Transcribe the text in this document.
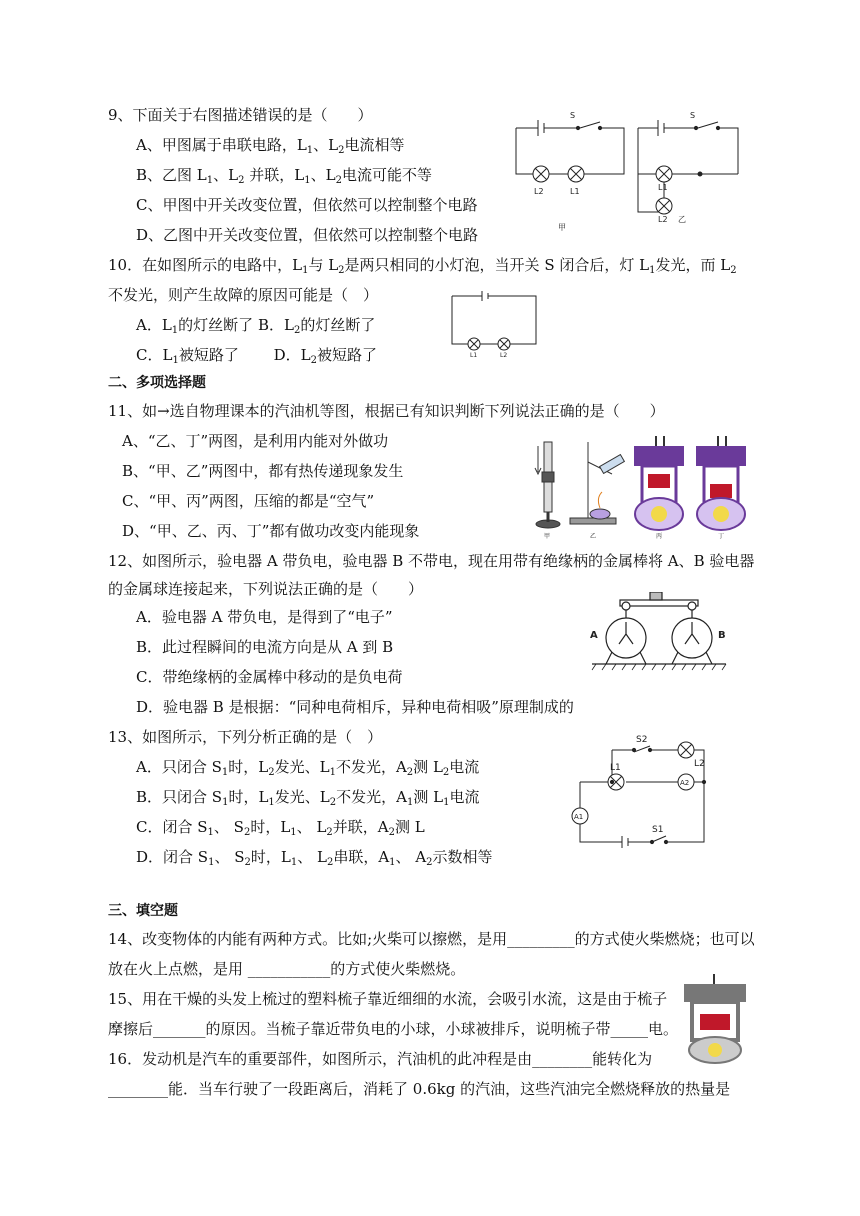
9、下面关于右图描述错误的是（　　）
A、甲图属于串联电路，$L_1$、$L_2$电流相等
B、乙图 $L_1$、$L_2$ 并联，$L_1$、$L_2$电流可能不等
C、甲图中开关改变位置，但依然可以控制整个电路
D、乙图中开关改变位置，但依然可以控制整个电路
S	S
L2	L1	L1
L2
甲
乙
10．在如图所示的电路中，$L_1$与 $L_2$是两只相同的小灯泡，当开关 S 闭合后，灯 $L_1$发光，而 $L_2$
不发光，则产生故障的原因可能是（　）
A．$L_1$的灯丝断了 B．$L_2$的灯丝断了
C．$L_1$被短路了　　 D．$L_2$被短路了	L1	L2
二、多项选择题
11、如→选自物理课本的汽油机等图，根据已有知识判断下列说法正确的是（　　）
A、“乙、丁”两图，是利用内能对外做功
B、“甲、乙”两图中，都有热传递现象发生
C、“甲、丙”两图，压缩的都是“空气”
D、“甲、乙、丙、丁”都有做功改变内能现象	甲	乙	丙	丁
12、如图所示，验电器 A 带负电，验电器 B 不带电，现在用带有绝缘柄的金属棒将 A、B 验电器
的金属球连接起来，下列说法正确的是（　　）
A．验电器 A 带负电，是得到了“电子”
B．此过程瞬间的电流方向是从 A 到 B
C．带绝缘柄的金属棒中移动的是负电荷
D．验电器 B 是根据：“同种电荷相斥，异种电荷相吸”原理制成的
A	B
13、如图所示，下列分析正确的是（　）
A．只闭合 $S_1$时，$L_2$发光、$L_1$不发光，$A_2$测 $L_2$电流
B．只闭合 $S_1$时，$L_1$发光、$L_2$不发光，$A_1$测 $L_1$电流
C．闭合 $S_1$、 $S_2$时，$L_1$、 $L_2$并联，$A_2$测 L
D．闭合 $S_1$、 $S_2$时，$L_1$、 $L_2$串联，$A_1$、 $A_2$示数相等
S2
L2
L1
A2
A1
S1
三、填空题
14、改变物体的内能有两种方式。比如;火柴可以擦燃，是用_________的方式使火柴燃烧；也可以
放在火上点燃，是用 ___________的方式使火柴燃烧。
15、用在干燥的头发上梳过的塑料梳子靠近细细的水流，会吸引水流，这是由于梳子
摩擦后_______的原因。当梳子靠近带负电的小球，小球被排斥，说明梳子带_____电。
16．发动机是汽车的重要部件，如图所示，汽油机的此冲程是由________能转化为
________能．当车行驶了一段距离后，消耗了 0.6kg 的汽油，这些汽油完全燃烧释放的热量是
